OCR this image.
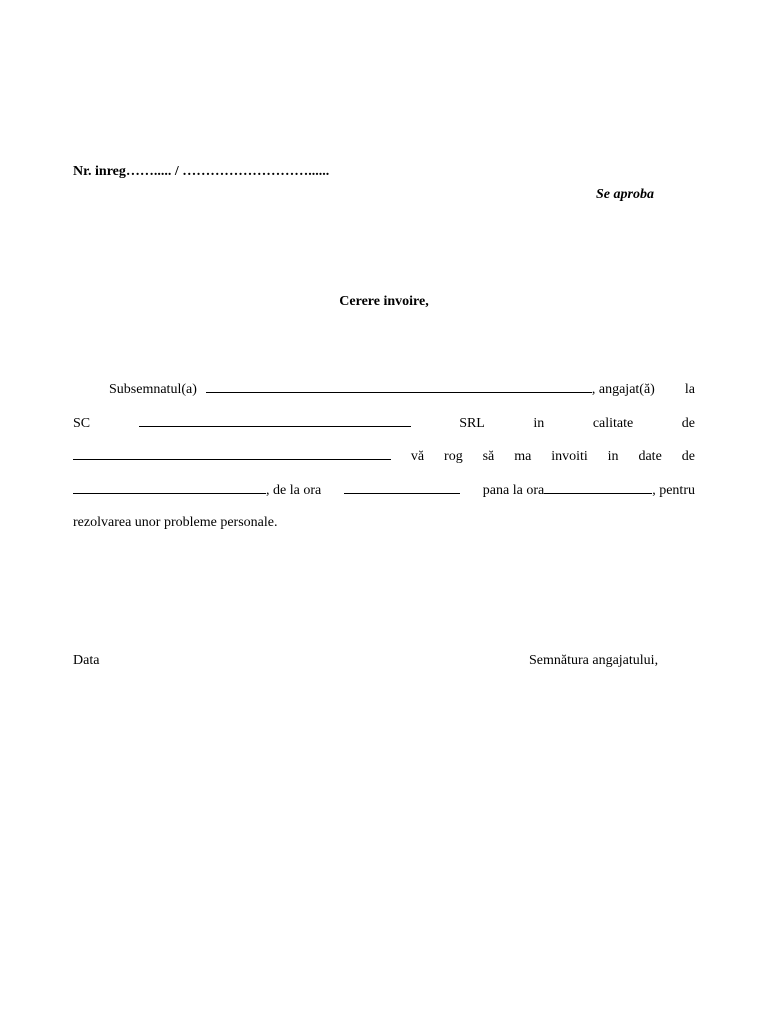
Nr. inreg……..... / ………………………......
Se aproba
Cerere invoire,
Subsemnatul(a)	, angajat(ă) la
SC	SRL	in	calitate	de
vă rog să ma invoiti in date de
, de la ora	pana la ora	, pentru
rezolvarea unor probleme personale.
Data	Semnătura angajatului,
